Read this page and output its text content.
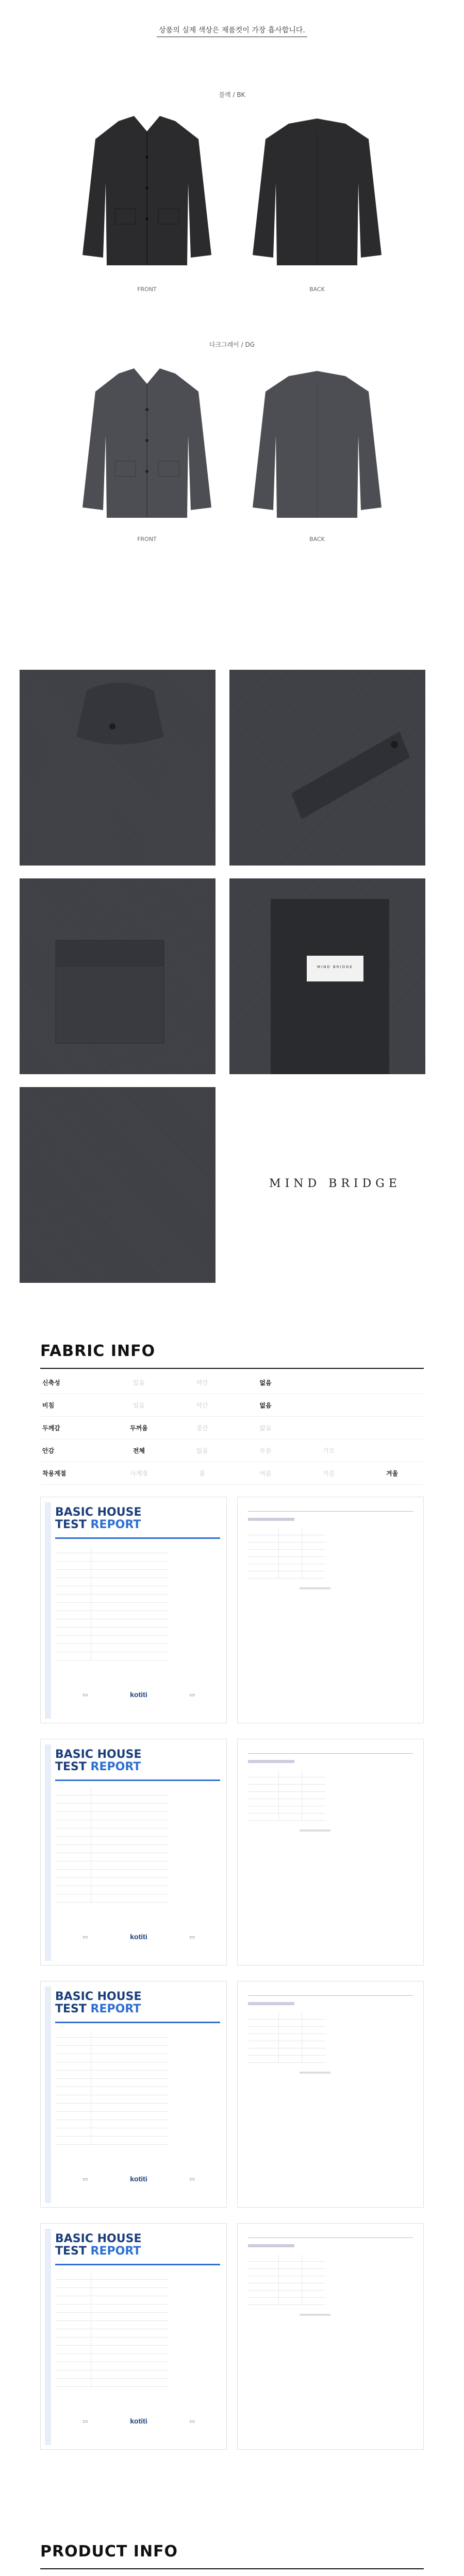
상품의 실제 색상은 제품컷이 가장 흡사합니다.
블랙 / BK
FRONT	BACK
다크그레이 / DG
FRONT	BACK
MIND BRIDGE
MIND BRIDGE
FABRIC INFO
신축성	있음	약간	없음
비침	있음	약간	없음
두께감	두꺼움	중간	얇음
안감	전체	없음	부분	기모
착용계절	사계절	봄	여름	가을	겨울
BASIC HOUSE
TEST REPORT
▭	kotiti	▭
BASIC HOUSE
TEST REPORT
▭	kotiti	▭
BASIC HOUSE
TEST REPORT
▭	kotiti	▭
BASIC HOUSE
TEST REPORT
▭	kotiti	▭
PRODUCT INFO
